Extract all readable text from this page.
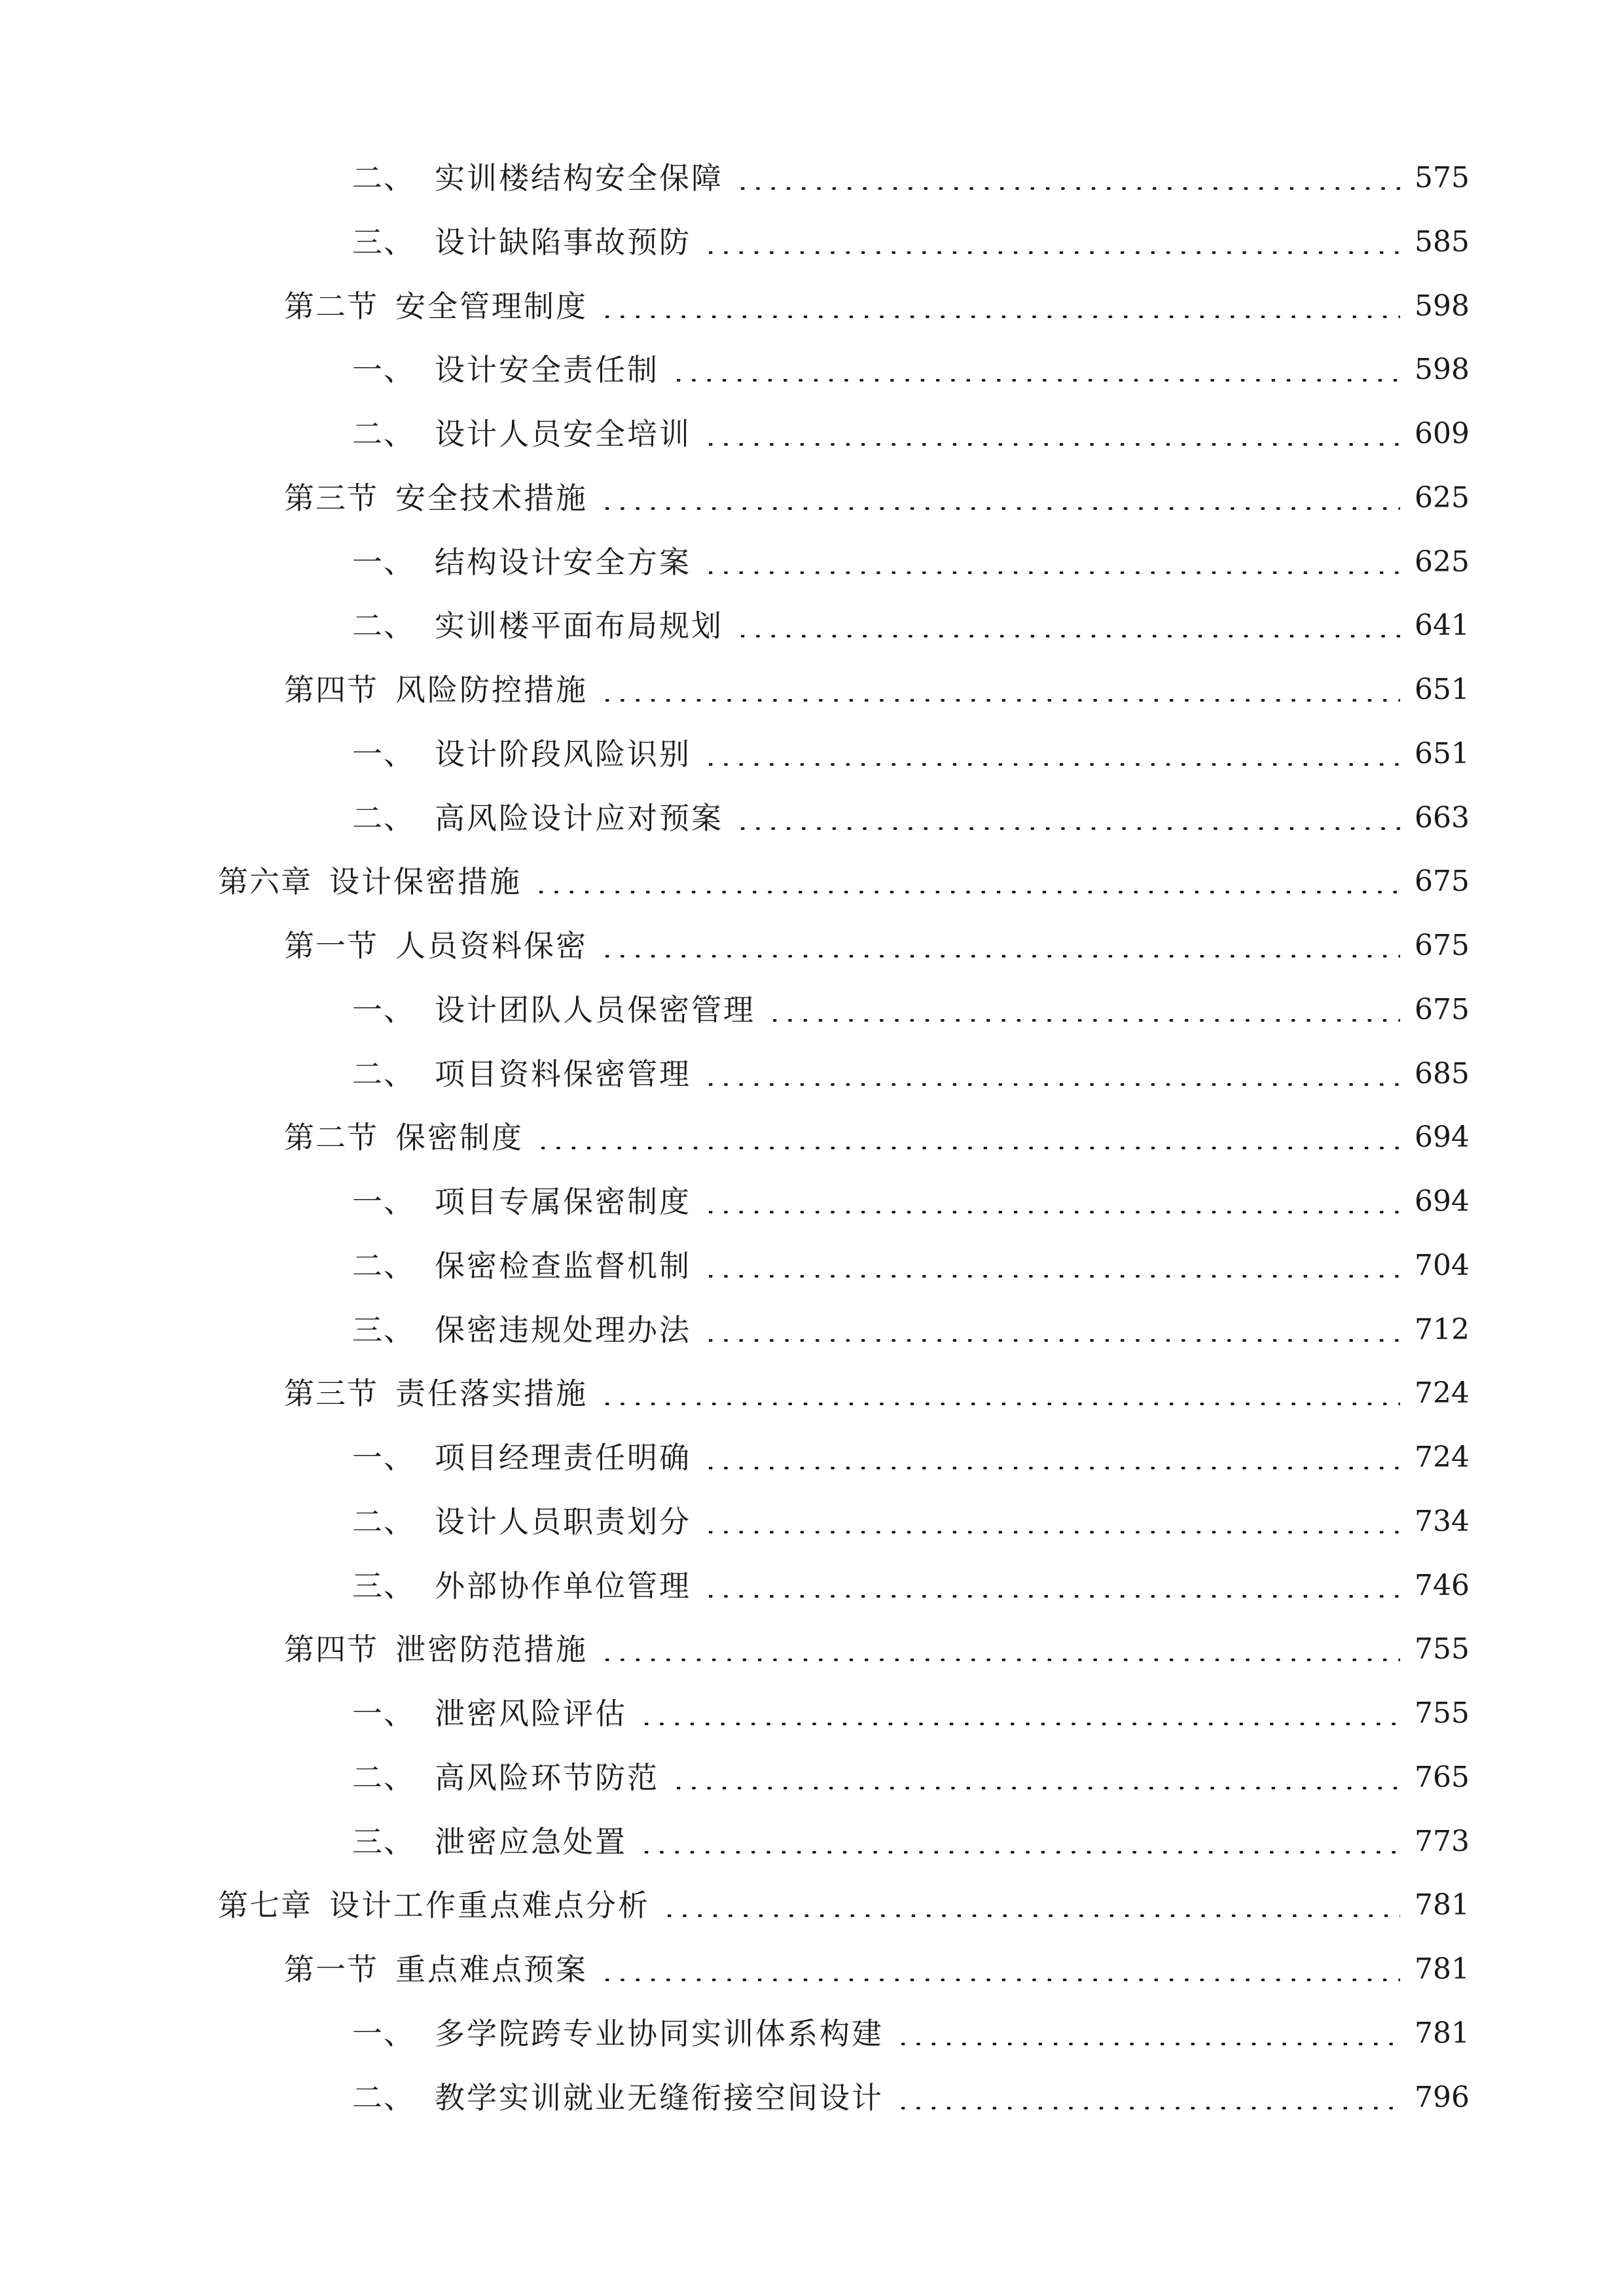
二、 实训楼结构安全保障	575
三、 设计缺陷事故预防	585
第二节 安全管理制度	598
一、 设计安全责任制	598
二、 设计人员安全培训	609
第三节 安全技术措施	625
一、 结构设计安全方案	625
二、 实训楼平面布局规划	641
第四节 风险防控措施	651
一、 设计阶段风险识别	651
二、 高风险设计应对预案	663
第六章 设计保密措施	675
第一节 人员资料保密	675
一、 设计团队人员保密管理	675
二、 项目资料保密管理	685
第二节 保密制度	694
一、 项目专属保密制度	694
二、 保密检查监督机制	704
三、 保密违规处理办法	712
第三节 责任落实措施	724
一、 项目经理责任明确	724
二、 设计人员职责划分	734
三、 外部协作单位管理	746
第四节 泄密防范措施	755
一、 泄密风险评估	755
二、 高风险环节防范	765
三、 泄密应急处置	773
第七章 设计工作重点难点分析	781
第一节 重点难点预案	781
一、 多学院跨专业协同实训体系构建	781
二、 教学实训就业无缝衔接空间设计	796
